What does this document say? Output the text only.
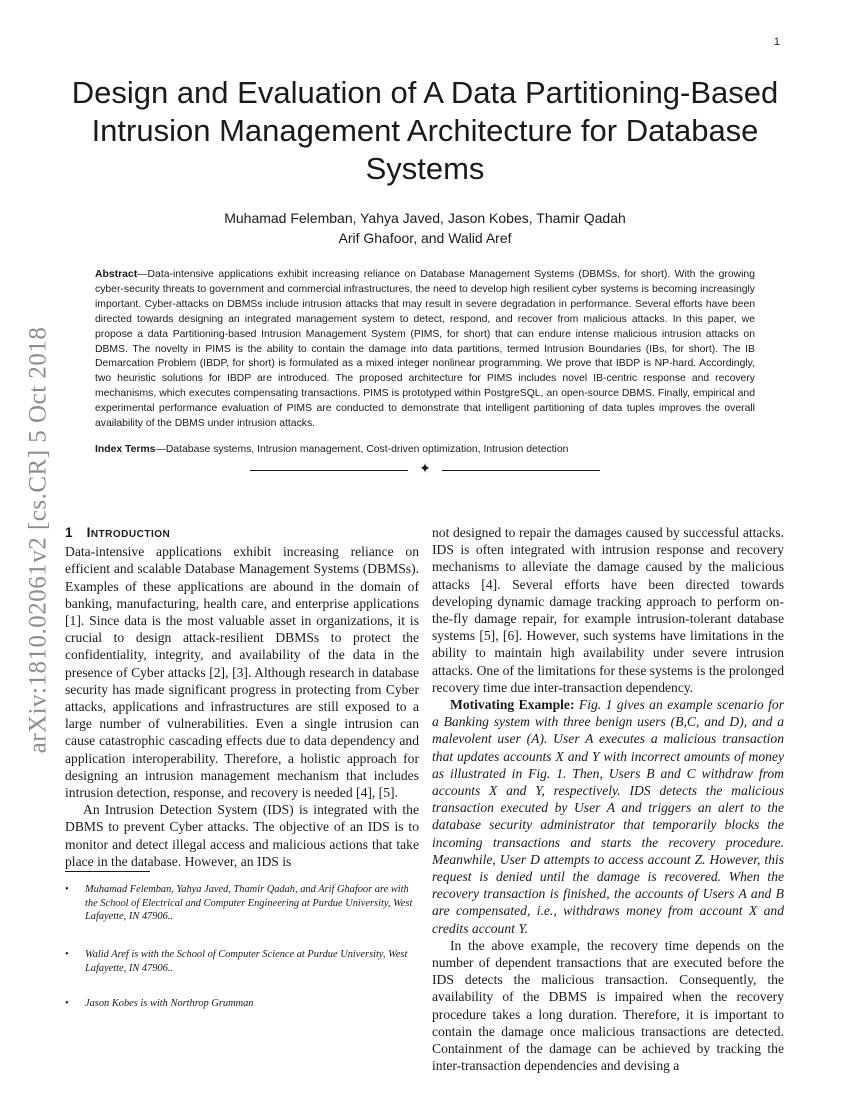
1
arXiv:1810.02061v2 [cs.CR] 5 Oct 2018
Design and Evaluation of A Data Partitioning-Based Intrusion Management Architecture for Database Systems
Muhamad Felemban, Yahya Javed, Jason Kobes, Thamir Qadah
Arif Ghafoor, and Walid Aref

Abstract—Data-intensive applications exhibit increasing reliance on Database Management Systems (DBMSs, for short). With the growing cyber-security threats to government and commercial infrastructures, the need to develop high resilient cyber systems is becoming increasingly important. Cyber-attacks on DBMSs include intrusion attacks that may result in severe degradation in performance. Several efforts have been directed towards designing an integrated management system to detect, respond, and recover from malicious attacks. In this paper, we propose a data Partitioning-based Intrusion Management System (PIMS, for short) that can endure intense malicious intrusion attacks on DBMS. The novelty in PIMS is the ability to contain the damage into data partitions, termed Intrusion Boundaries (IBs, for short). The IB Demarcation Problem (IBDP, for short) is formulated as a mixed integer nonlinear programming. We prove that IBDP is NP-hard. Accordingly, two heuristic solutions for IBDP are introduced. The proposed architecture for PIMS includes novel IB-centric response and recovery mechanisms, which executes compensating transactions. PIMS is prototyped within PostgreSQL, an open-source DBMS. Finally, empirical and experimental performance evaluation of PIMS are conducted to demonstrate that intelligent partitioning of data tuples improves the overall availability of the DBMS under intrusion attacks.

Index Terms—Database systems, Intrusion management, Cost-driven optimization, Intrusion detection

✦
1 Introduction

Data-intensive applications exhibit increasing reliance on efficient and scalable Database Management Systems (DBMSs). Examples of these applications are abound in the domain of banking, manufacturing, health care, and enterprise applications [1]. Since data is the most valuable asset in organizations, it is crucial to design attack-resilient DBMSs to protect the confidentiality, integrity, and availability of the data in the presence of Cyber attacks [2], [3]. Although research in database security has made significant progress in protecting from Cyber attacks, applications and infrastructures are still exposed to a large number of vulnerabilities. Even a single intrusion can cause catastrophic cascading effects due to data dependency and application interoperability. Therefore, a holistic approach for designing an intrusion management mechanism that includes intrusion detection, response, and recovery is needed [4], [5].

An Intrusion Detection System (IDS) is integrated with the DBMS to prevent Cyber attacks. The objective of an IDS is to monitor and detect illegal access and malicious actions that take place in the database. However, an IDS is

•	Muhamad Felemban, Yahya Javed, Thamir Qadah, and Arif Ghafoor are with the School of Electrical and Computer Engineering at Purdue University, West Lafayette, IN 47906..
•	Walid Aref is with the School of Computer Science at Purdue University, West Lafayette, IN 47906..
•	Jason Kobes is with Northrop Grumman

not designed to repair the damages caused by successful attacks. IDS is often integrated with intrusion response and recovery mechanisms to alleviate the damage caused by the malicious attacks [4]. Several efforts have been directed towards developing dynamic damage tracking approach to perform on-the-fly damage repair, for example intrusion-tolerant database systems [5], [6]. However, such systems have limitations in the ability to maintain high availability under severe intrusion attacks. One of the limitations for these systems is the prolonged recovery time due inter-transaction dependency.

Motivating Example: Fig. 1 gives an example scenario for a Banking system with three benign users (B,C, and D), and a malevolent user (A). User A executes a malicious transaction that updates accounts X and Y with incorrect amounts of money as illustrated in Fig. 1. Then, Users B and C withdraw from accounts X and Y, respectively. IDS detects the malicious transaction executed by User A and triggers an alert to the database security administrator that temporarily blocks the incoming transactions and starts the recovery procedure. Meanwhile, User D attempts to access account Z. However, this request is denied until the damage is recovered. When the recovery transaction is finished, the accounts of Users A and B are compensated, i.e., withdraws money from account X and credits account Y.

In the above example, the recovery time depends on the number of dependent transactions that are executed before the IDS detects the malicious transaction. Consequently, the availability of the DBMS is impaired when the recovery procedure takes a long duration. Therefore, it is important to contain the damage once malicious transactions are detected. Containment of the damage can be achieved by tracking the inter-transaction dependencies and devising a
